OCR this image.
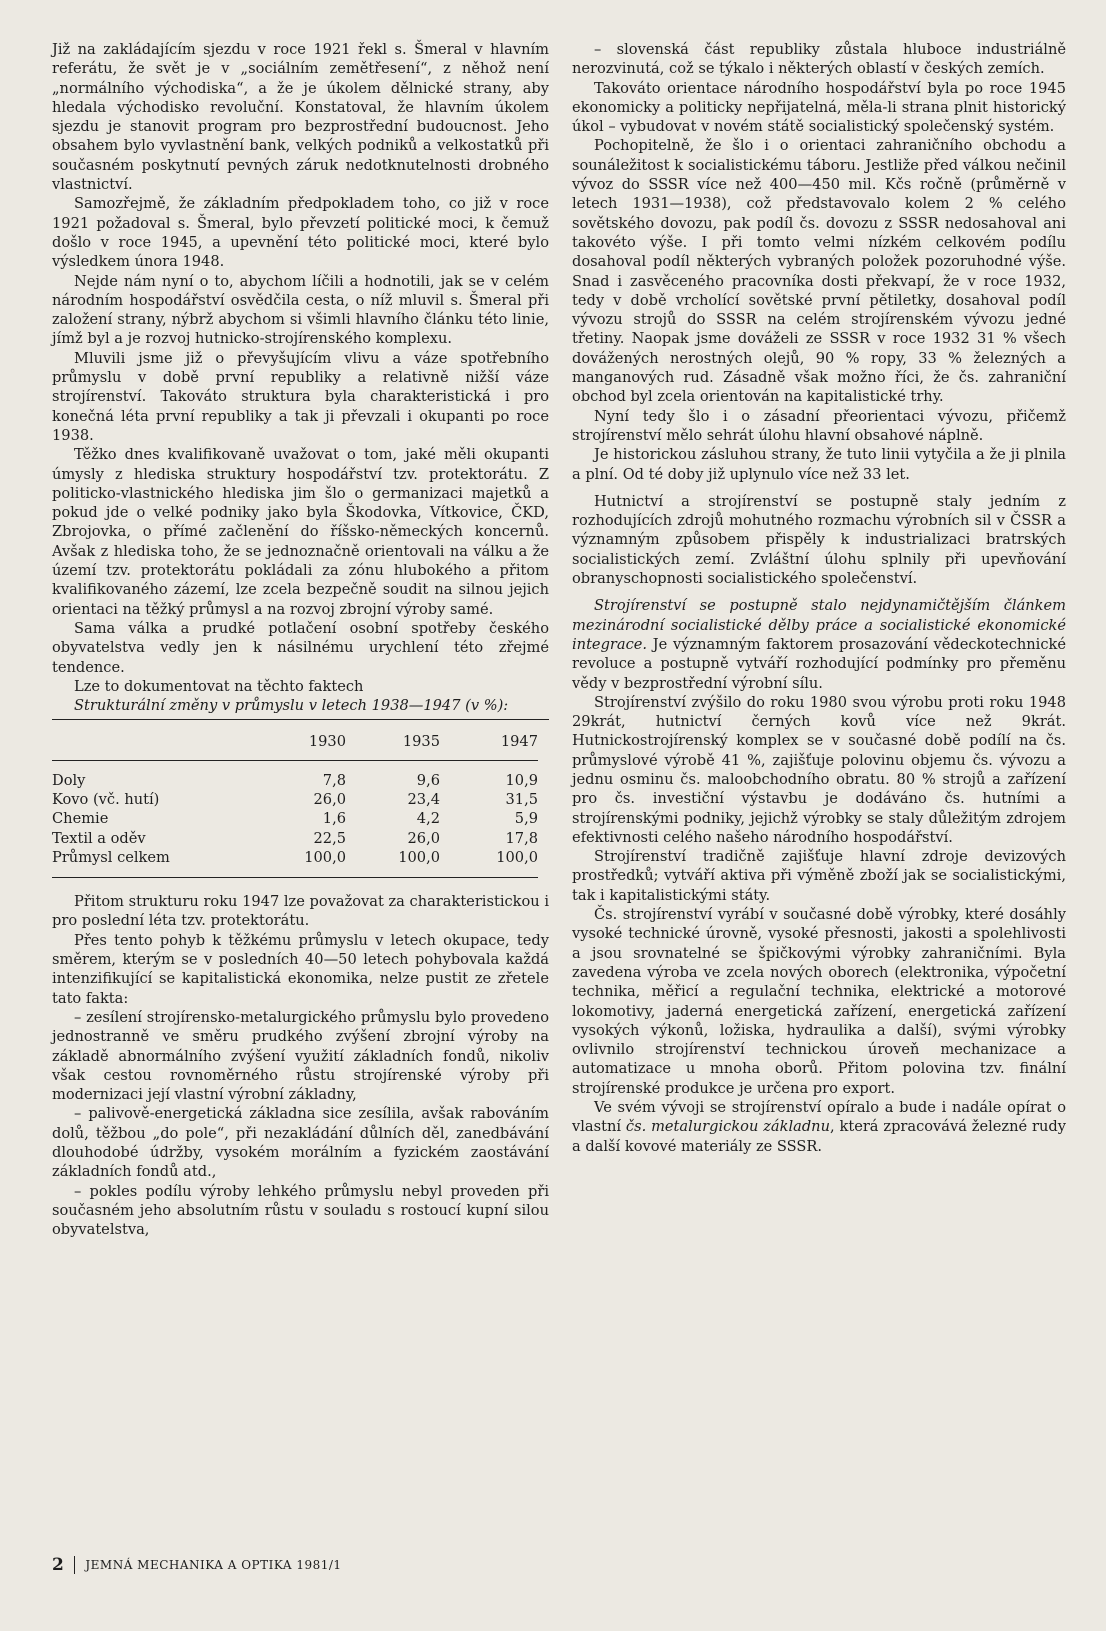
Již na zakládajícím sjezdu v roce 1921 řekl s. Šmeral v hlavním referátu, že svět je v „sociálním zemětřesení“, z něhož není „normálního východiska“, a že je úkolem dělnické strany, aby hledala východisko revoluční. Konstatoval, že hlavním úkolem sjezdu je stanovit program pro bezprostřední budoucnost. Jeho obsahem bylo vyvlastnění bank, velkých podniků a velkostatků při současném poskytnutí pevných záruk nedotknutelnosti drobného vlastnictví.

Samozřejmě, že základním předpokladem toho, co již v roce 1921 požadoval s. Šmeral, bylo převzetí politické moci, k čemuž došlo v roce 1945, a upevnění této politické moci, které bylo výsledkem února 1948.

Nejde nám nyní o to, abychom líčili a hodnotili, jak se v celém národním hospodářství osvědčila cesta, o níž mluvil s. Šmeral při založení strany, nýbrž abychom si všimli hlavního článku této linie, jímž byl a je rozvoj hutnicko-strojírenského komplexu.

Mluvili jsme již o převyšujícím vlivu a váze spotřebního průmyslu v době první republiky a relativně nižší váze strojírenství. Takováto struktura byla charakteristická i pro konečná léta první republiky a tak ji převzali i okupanti po roce 1938.

Těžko dnes kvalifikovaně uvažovat o tom, jaké měli okupanti úmysly z hlediska struktury hospodářství tzv. protektorátu. Z politicko-vlastnického hlediska jim šlo o germanizaci majetků a pokud jde o velké podniky jako byla Škodovka, Vítkovice, ČKD, Zbrojovka, o přímé začlenění do říšsko-německých koncernů. Avšak z hlediska toho, že se jednoznačně orientovali na válku a že území tzv. protektorátu pokládali za zónu hlubokého a přitom kvalifikovaného zázemí, lze zcela bezpečně soudit na silnou jejich orientaci na těžký průmysl a na rozvoj zbrojní výroby samé.

Sama válka a prudké potlačení osobní spotřeby českého obyvatelstva vedly jen k násilnému urychlení této zřejmé tendence.

Lze to dokumentovat na těchto faktech

Strukturální změny v průmyslu v letech 1938—1947 (v %):

	1930	1935	1947
Doly	7,8	9,6	10,9
Kovo (vč. hutí)	26,0	23,4	31,5
Chemie	1,6	4,2	5,9
Textil a oděv	22,5	26,0	17,8
Průmysl celkem	100,0	100,0	100,0

Přitom strukturu roku 1947 lze považovat za charakteristickou i pro poslední léta tzv. protektorátu.

Přes tento pohyb k těžkému průmyslu v letech okupace, tedy směrem, kterým se v posledních 40—50 letech pohybovala každá intenzifikující se kapitalistická ekonomika, nelze pustit ze zřetele tato fakta:

– zesílení strojírensko-metalurgického průmyslu bylo provedeno jednostranně ve směru prudkého zvýšení zbrojní výroby na základě abnormálního zvýšení využití základních fondů, nikoliv však cestou rovnoměrného růstu strojírenské výroby při modernizaci její vlastní výrobní základny,

– palivově-energetická základna sice zesílila, avšak rabováním dolů, těžbou „do pole“, při nezakládání důlních děl, zanedbávání dlouhodobé údržby, vysokém morálním a fyzickém zaostávání základních fondů atd.,

– pokles podílu výroby lehkého průmyslu nebyl proveden při současném jeho absolutním růstu v souladu s rostoucí kupní silou obyvatelstva,

– slovenská část republiky zůstala hluboce industriálně nerozvinutá, což se týkalo i některých oblastí v českých zemích.

Takováto orientace národního hospodářství byla po roce 1945 ekonomicky a politicky nepřijatelná, měla-li strana plnit historický úkol – vybudovat v novém státě socialistický společenský systém.

Pochopitelně, že šlo i o orientaci zahraničního obchodu a sounáležitost k socialistickému táboru. Jestliže před válkou nečinil vývoz do SSSR více než 400—450 mil. Kčs ročně (průměrně v letech 1931—1938), což představovalo kolem 2 % celého sovětského dovozu, pak podíl čs. dovozu z SSSR nedosahoval ani takovéto výše. I při tomto velmi nízkém celkovém podílu dosahoval podíl některých vybraných položek pozoruhodné výše. Snad i zasvěceného pracovníka dosti překvapí, že v roce 1932, tedy v době vrcholící sovětské první pětiletky, dosahoval podíl vývozu strojů do SSSR na celém strojírenském vývozu jedné třetiny. Naopak jsme dováželi ze SSSR v roce 1932 31 % všech dovážených nerostných olejů, 90 % ropy, 33 % železných a manganových rud. Zásadně však možno říci, že čs. zahraniční obchod byl zcela orientován na kapitalistické trhy.

Nyní tedy šlo i o zásadní přeorientaci vývozu, přičemž strojírenství mělo sehrát úlohu hlavní obsahové náplně.

Je historickou zásluhou strany, že tuto linii vytyčila a že ji plnila a plní. Od té doby již uplynulo více než 33 let.

Hutnictví a strojírenství se postupně staly jedním z rozhodujících zdrojů mohutného rozmachu výrobních sil v ČSSR a významným způsobem přispěly k industrializaci bratrských socialistických zemí. Zvláštní úlohu splnily při upevňování obranyschopnosti socialistického společenství.

Strojírenství se postupně stalo nejdynamičtějším článkem mezinárodní socialistické dělby práce a socialistické ekonomické integrace. Je významným faktorem prosazování vědeckotechnické revoluce a postupně vytváří rozhodující podmínky pro přeměnu vědy v bezprostřední výrobní sílu.

Strojírenství zvýšilo do roku 1980 svou výrobu proti roku 1948 29krát, hutnictví černých kovů více než 9krát. Hutnickostrojírenský komplex se v současné době podílí na čs. průmyslové výrobě 41 %, zajišťuje polovinu objemu čs. vývozu a jednu osminu čs. maloobchodního obratu. 80 % strojů a zařízení pro čs. investiční výstavbu je dodáváno čs. hutními a strojírenskými podniky, jejichž výrobky se staly důležitým zdrojem efektivnosti celého našeho národního hospodářství.

Strojírenství tradičně zajišťuje hlavní zdroje devizových prostředků; vytváří aktiva při výměně zboží jak se socialistickými, tak i kapitalistickými státy.

Čs. strojírenství vyrábí v současné době výrobky, které dosáhly vysoké technické úrovně, vysoké přesnosti, jakosti a spolehlivosti a jsou srovnatelné se špičkovými výrobky zahraničními. Byla zavedena výroba ve zcela nových oborech (elektronika, výpočetní technika, měřicí a regulační technika, elektrické a motorové lokomotivy, jaderná energetická zařízení, energetická zařízení vysokých výkonů, ložiska, hydraulika a další), svými výrobky ovlivnilo strojírenství technickou úroveň mechanizace a automatizace u mnoha oborů. Přitom polovina tzv. finální strojírenské produkce je určena pro export.

Ve svém vývoji se strojírenství opíralo a bude i nadále opírat o vlastní čs. metalurgickou základnu, která zpracovává železné rudy a další kovové materiály ze SSSR.

2 JEMNÁ MECHANIKA A OPTIKA 1981/1
